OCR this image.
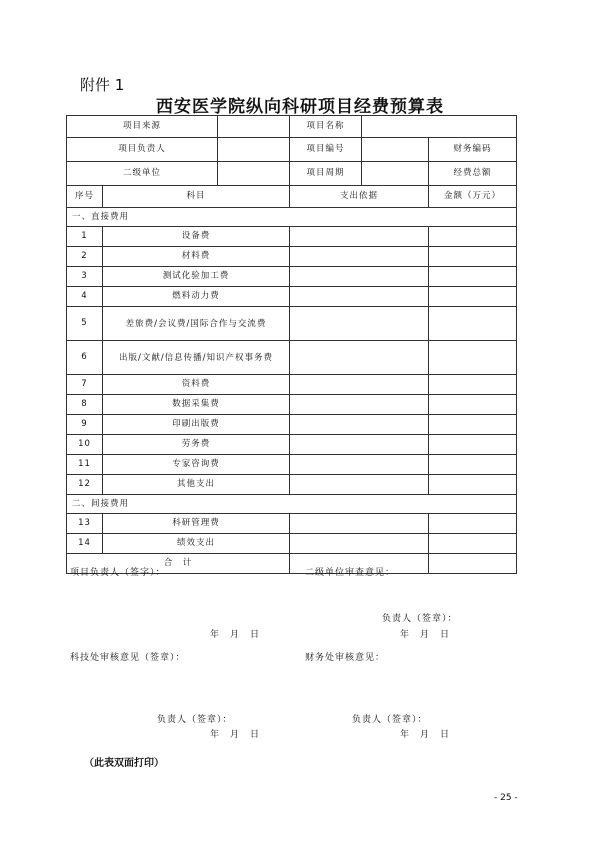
附件 1
西安医学院纵向科研项目经费预算表
项目来源			项目名称		
项目负责人			项目编号		财务编码
二级单位			项目周期		经费总额
序号	科目		支出依据		金额（万元）
一、直接费用					
1	设备费				
2	材料费				
3	测试化验加工费				
4	燃料动力费				
5	差旅费/会议费/国际合作与交流费				
6	出版/文献/信息传播/知识产权事务费				
7	资料费				
8	数据采集费				
9	印刷出版费				
10	劳务费				
11	专家咨询费				
12	其他支出				
二、间接费用					
13	科研管理费				
14	绩效支出				
合　计					
项目负责人（签字）：	二级单位审查意见：
负责人（签章）：
年　月　日	年　月　日
科技处审核意见（签章）：	财务处审核意见：
负责人（签章）：	负责人（签章）：
年　月　日	年　月　日
（此表双面打印）
- 25 -
